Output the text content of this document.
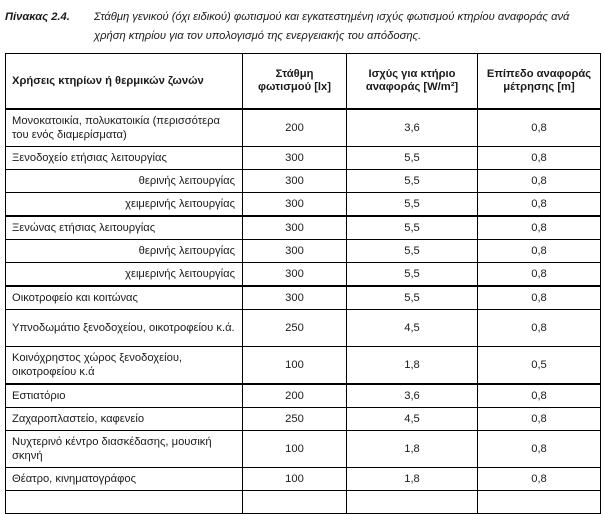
Πίνακας 2.4. Στάθμη γενικού (όχι ειδικού) φωτισμού και εγκατεστημένη ισχύς φωτισμού κτηρίου αναφοράς ανά χρήση κτηρίου για τον υπολογισμό της ενεργειακής του απόδοσης.
Χρήσεις κτηρίων ή θερμικών ζωνών	Στάθμη φωτισμού [lx]	Ισχύς για κτήριο αναφοράς [W/m²]	Επίπεδο αναφοράς μέτρησης [m]
Μονοκατοικία, πολυκατοικία (περισσότερα του ενός διαμερίσματα)	200	3,6	0,8
Ξενοδοχείο ετήσιας λειτουργίας	300	5,5	0,8
θερινής λειτουργίας	300	5,5	0,8
χειμερινής λειτουργίας	300	5,5	0,8
Ξενώνας ετήσιας λειτουργίας	300	5,5	0,8
θερινής λειτουργίας	300	5,5	0,8
χειμερινής λειτουργίας	300	5,5	0,8
Οικοτροφείο και κοιτώνας	300	5,5	0,8
Υπνοδωμάτιο ξενοδοχείου, οικοτροφείου κ.ά.	250	4,5	0,8
Κοινόχρηστος χώρος ξενοδοχείου, οικοτροφείου κ.ά	100	1,8	0,5
Εστιατόριο	200	3,6	0,8
Ζαχαροπλαστείο, καφενείο	250	4,5	0,8
Νυχτερινό κέντρο διασκέδασης, μουσική σκηνή	100	1,8	0,8
Θέατρο, κινηματογράφος	100	1,8	0,8
